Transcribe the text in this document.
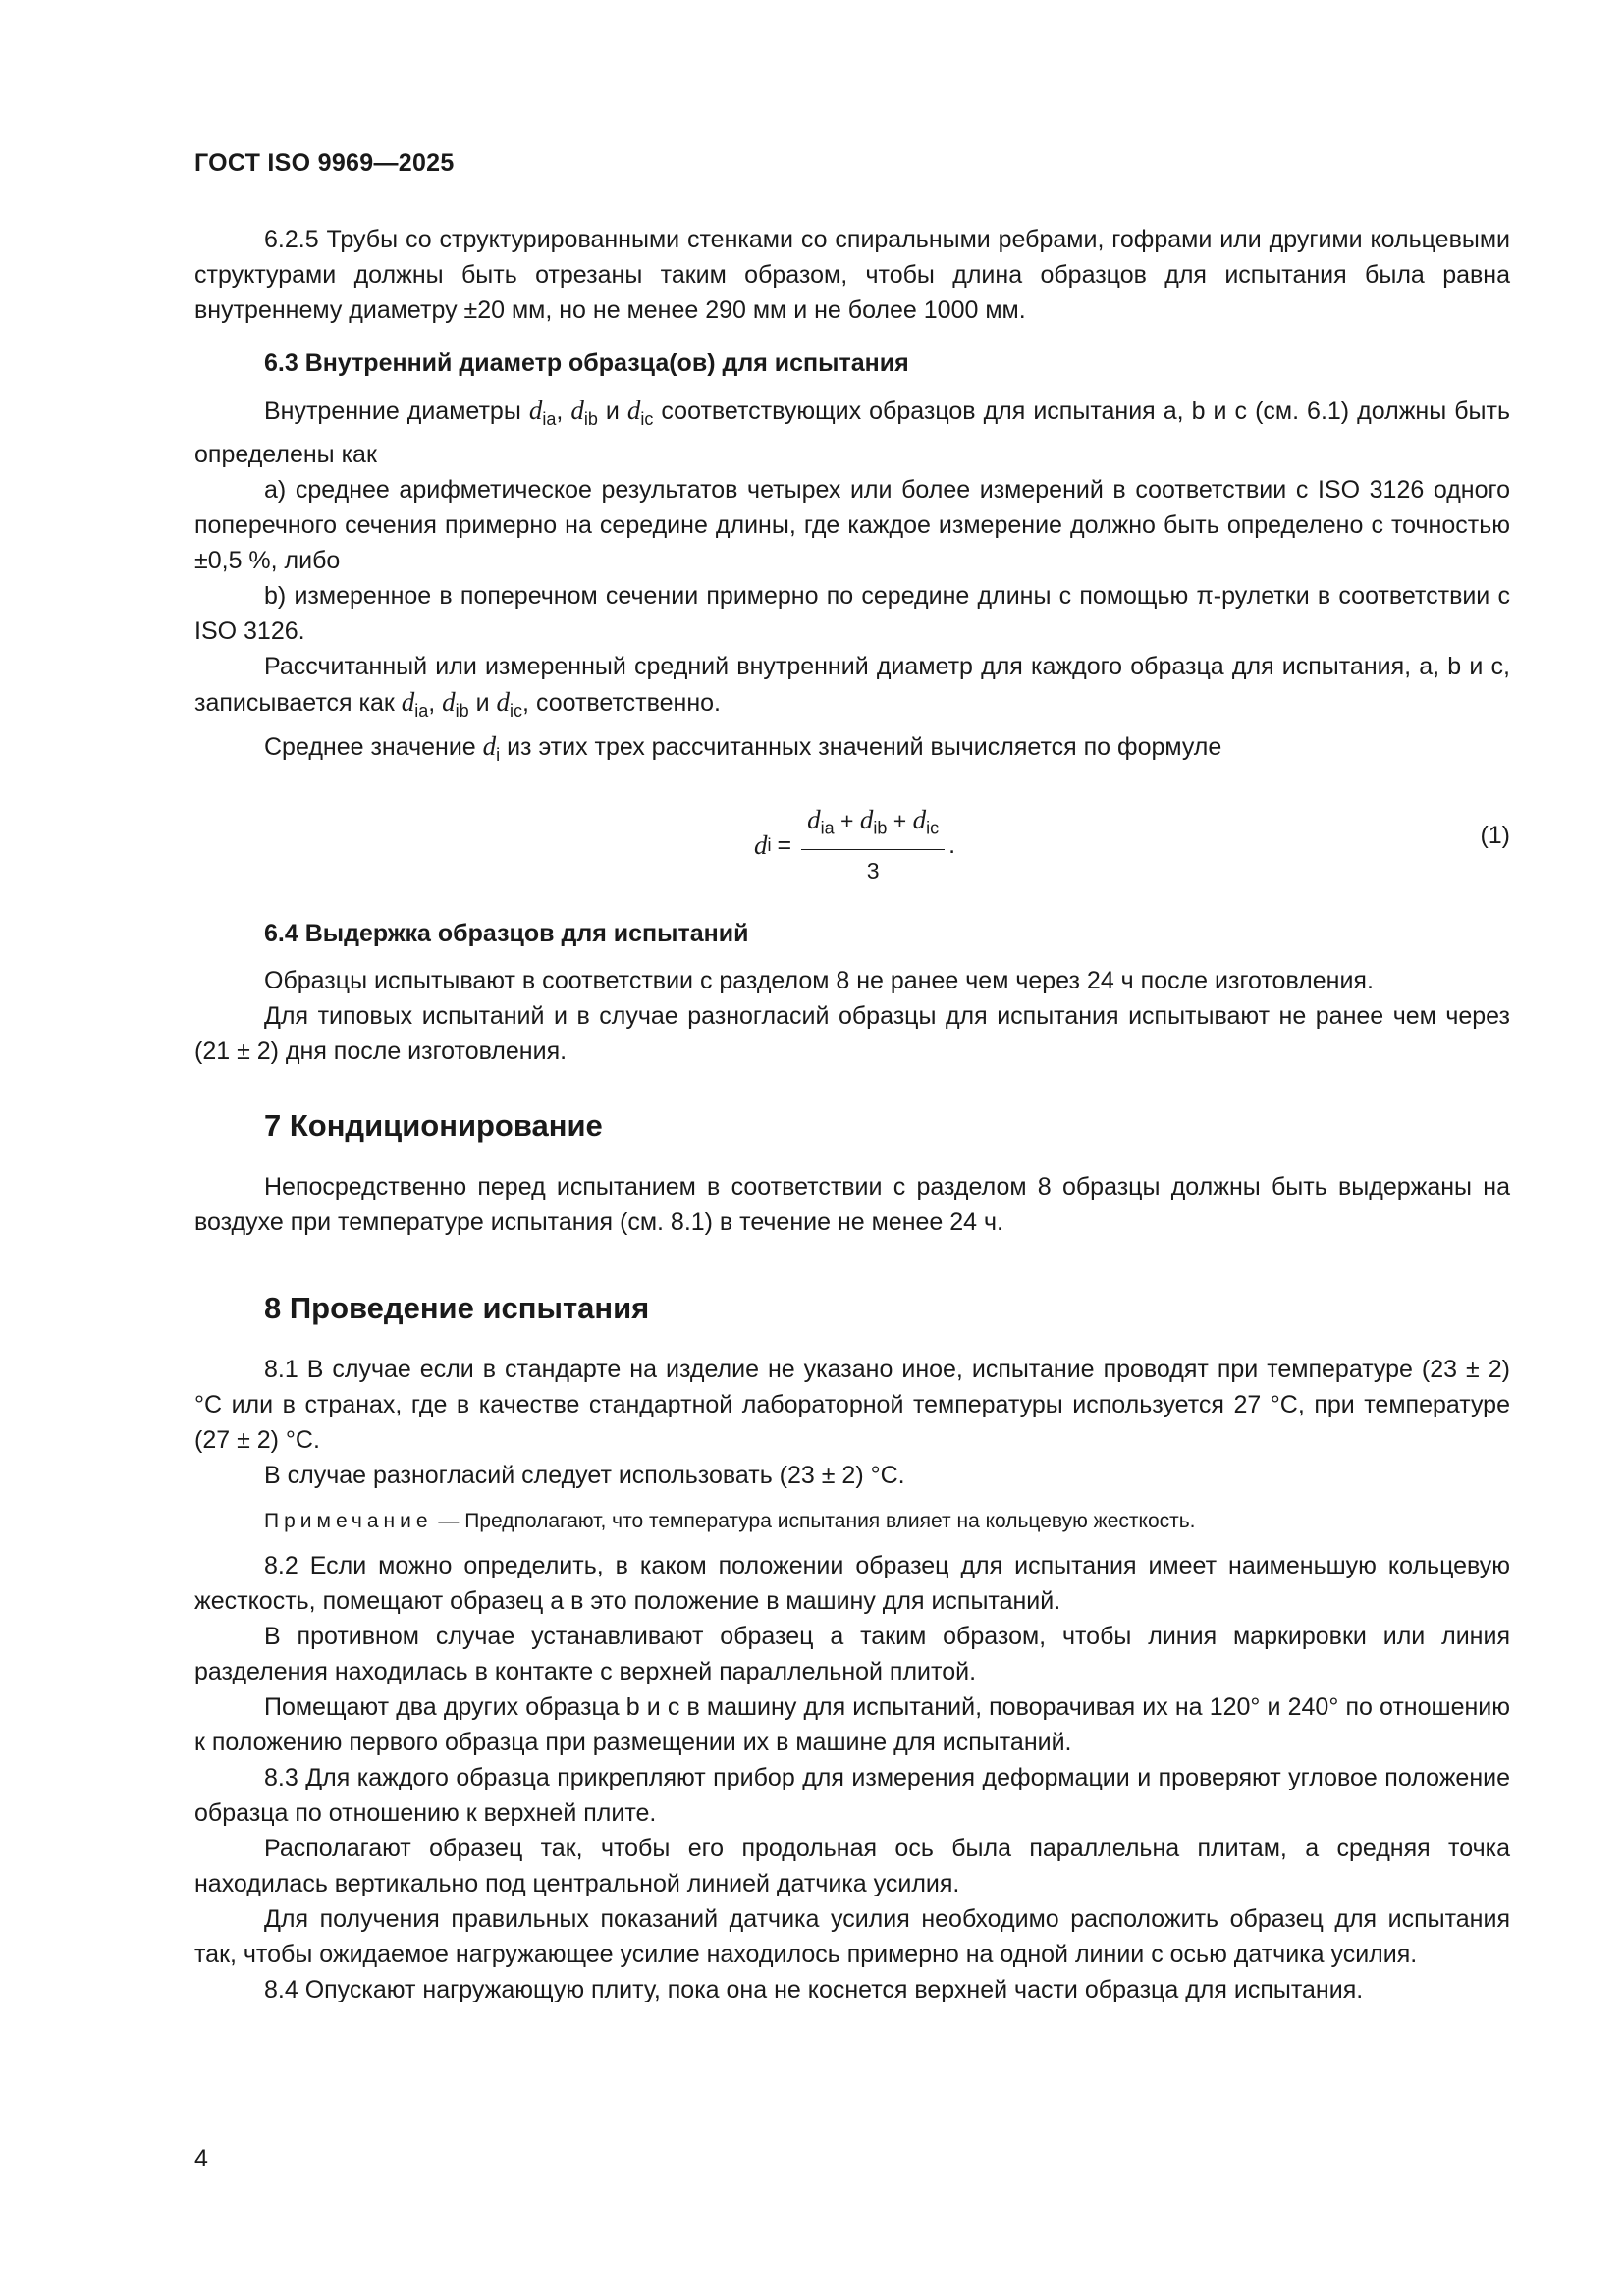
ГОСТ ISO 9969—2025

6.2.5 Трубы со структурированными стенками со спиральными ребрами, гофрами или другими кольцевыми структурами должны быть отрезаны таким образом, чтобы длина образцов для испытания была равна внутреннему диаметру ±20 мм, но не менее 290 мм и не более 1000 мм.

6.3 Внутренний диаметр образца(ов) для испытания

Внутренние диаметры $d_{ia}$, $d_{ib}$ и $d_{ic}$ соответствующих образцов для испытания a, b и c (см. 6.1) должны быть определены как

a) среднее арифметическое результатов четырех или более измерений в соответствии с ISO 3126 одного поперечного сечения примерно на середине длины, где каждое измерение должно быть определено с точностью ±0,5 %, либо

b) измеренное в поперечном сечении примерно по середине длины с помощью π-рулетки в соответствии с ISO 3126.

Рассчитанный или измеренный средний внутренний диаметр для каждого образца для испытания, a, b и c, записывается как $d_{ia}$, $d_{ib}$ и $d_{ic}$, соответственно.

Среднее значение $d_i$ из этих трех рассчитанных значений вычисляется по формуле

d $i = \frac{d_{ia} + d_{ib} + d_{ic}}{3}$ .	(1)
6.4 Выдержка образцов для испытаний

Образцы испытывают в соответствии с разделом 8 не ранее чем через 24 ч после изготовления.

Для типовых испытаний и в случае разногласий образцы для испытания испытывают не ранее чем через (21 ± 2) дня после изготовления.

7 Кондиционирование

Непосредственно перед испытанием в соответствии с разделом 8 образцы должны быть выдержаны на воздухе при температуре испытания (см. 8.1) в течение не менее 24 ч.

8 Проведение испытания

8.1 В случае если в стандарте на изделие не указано иное, испытание проводят при температуре (23 ± 2) °С или в странах, где в качестве стандартной лабораторной температуры используется 27 °С, при температуре (27 ± 2) °С.

В случае разногласий следует использовать (23 ± 2) °С.

Примечание — Предполагают, что температура испытания влияет на кольцевую жесткость.

8.2 Если можно определить, в каком положении образец для испытания имеет наименьшую кольцевую жесткость, помещают образец a в это положение в машину для испытаний.

В противном случае устанавливают образец a таким образом, чтобы линия маркировки или линия разделения находилась в контакте с верхней параллельной плитой.

Помещают два других образца b и c в машину для испытаний, поворачивая их на 120° и 240° по отношению к положению первого образца при размещении их в машине для испытаний.

8.3 Для каждого образца прикрепляют прибор для измерения деформации и проверяют угловое положение образца по отношению к верхней плите.

Располагают образец так, чтобы его продольная ось была параллельна плитам, а средняя точка находилась вертикально под центральной линией датчика усилия.

Для получения правильных показаний датчика усилия необходимо расположить образец для испытания так, чтобы ожидаемое нагружающее усилие находилось примерно на одной линии с осью датчика усилия.

8.4 Опускают нагружающую плиту, пока она не коснется верхней части образца для испытания.

4
